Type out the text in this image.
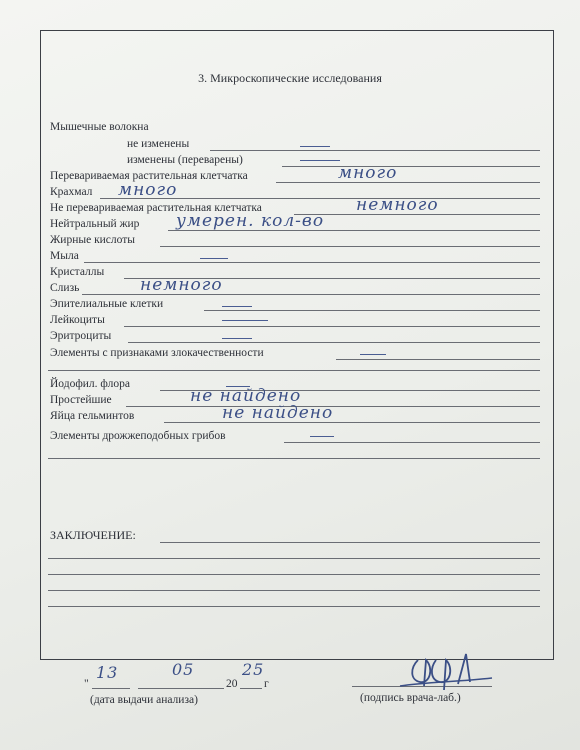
3. Микроскопические исследования
Мышечные волокна
не изменены
изменены (переварены)
Перевариваемая растительная клетчатка	много
Крахмал много
Не перевариваемая растительная клетчатка	немного
Нейтральный жир умерен. кол-во
Жирные кислоты
Мыла
Кристаллы
Слизь	немного
Эпителиальные клетки
Лейкоциты
Эритроциты
Элементы с признаками злокачественности
Йодофил. флора
Простейшие	не найдено
Яйца гельминтов	не найдено
Элементы дрожжеподобных грибов
ЗАКЛЮЧЕНИЕ:
"
13	05
20
25
г
(дата выдачи анализа)	(подпись врача-лаб.)
